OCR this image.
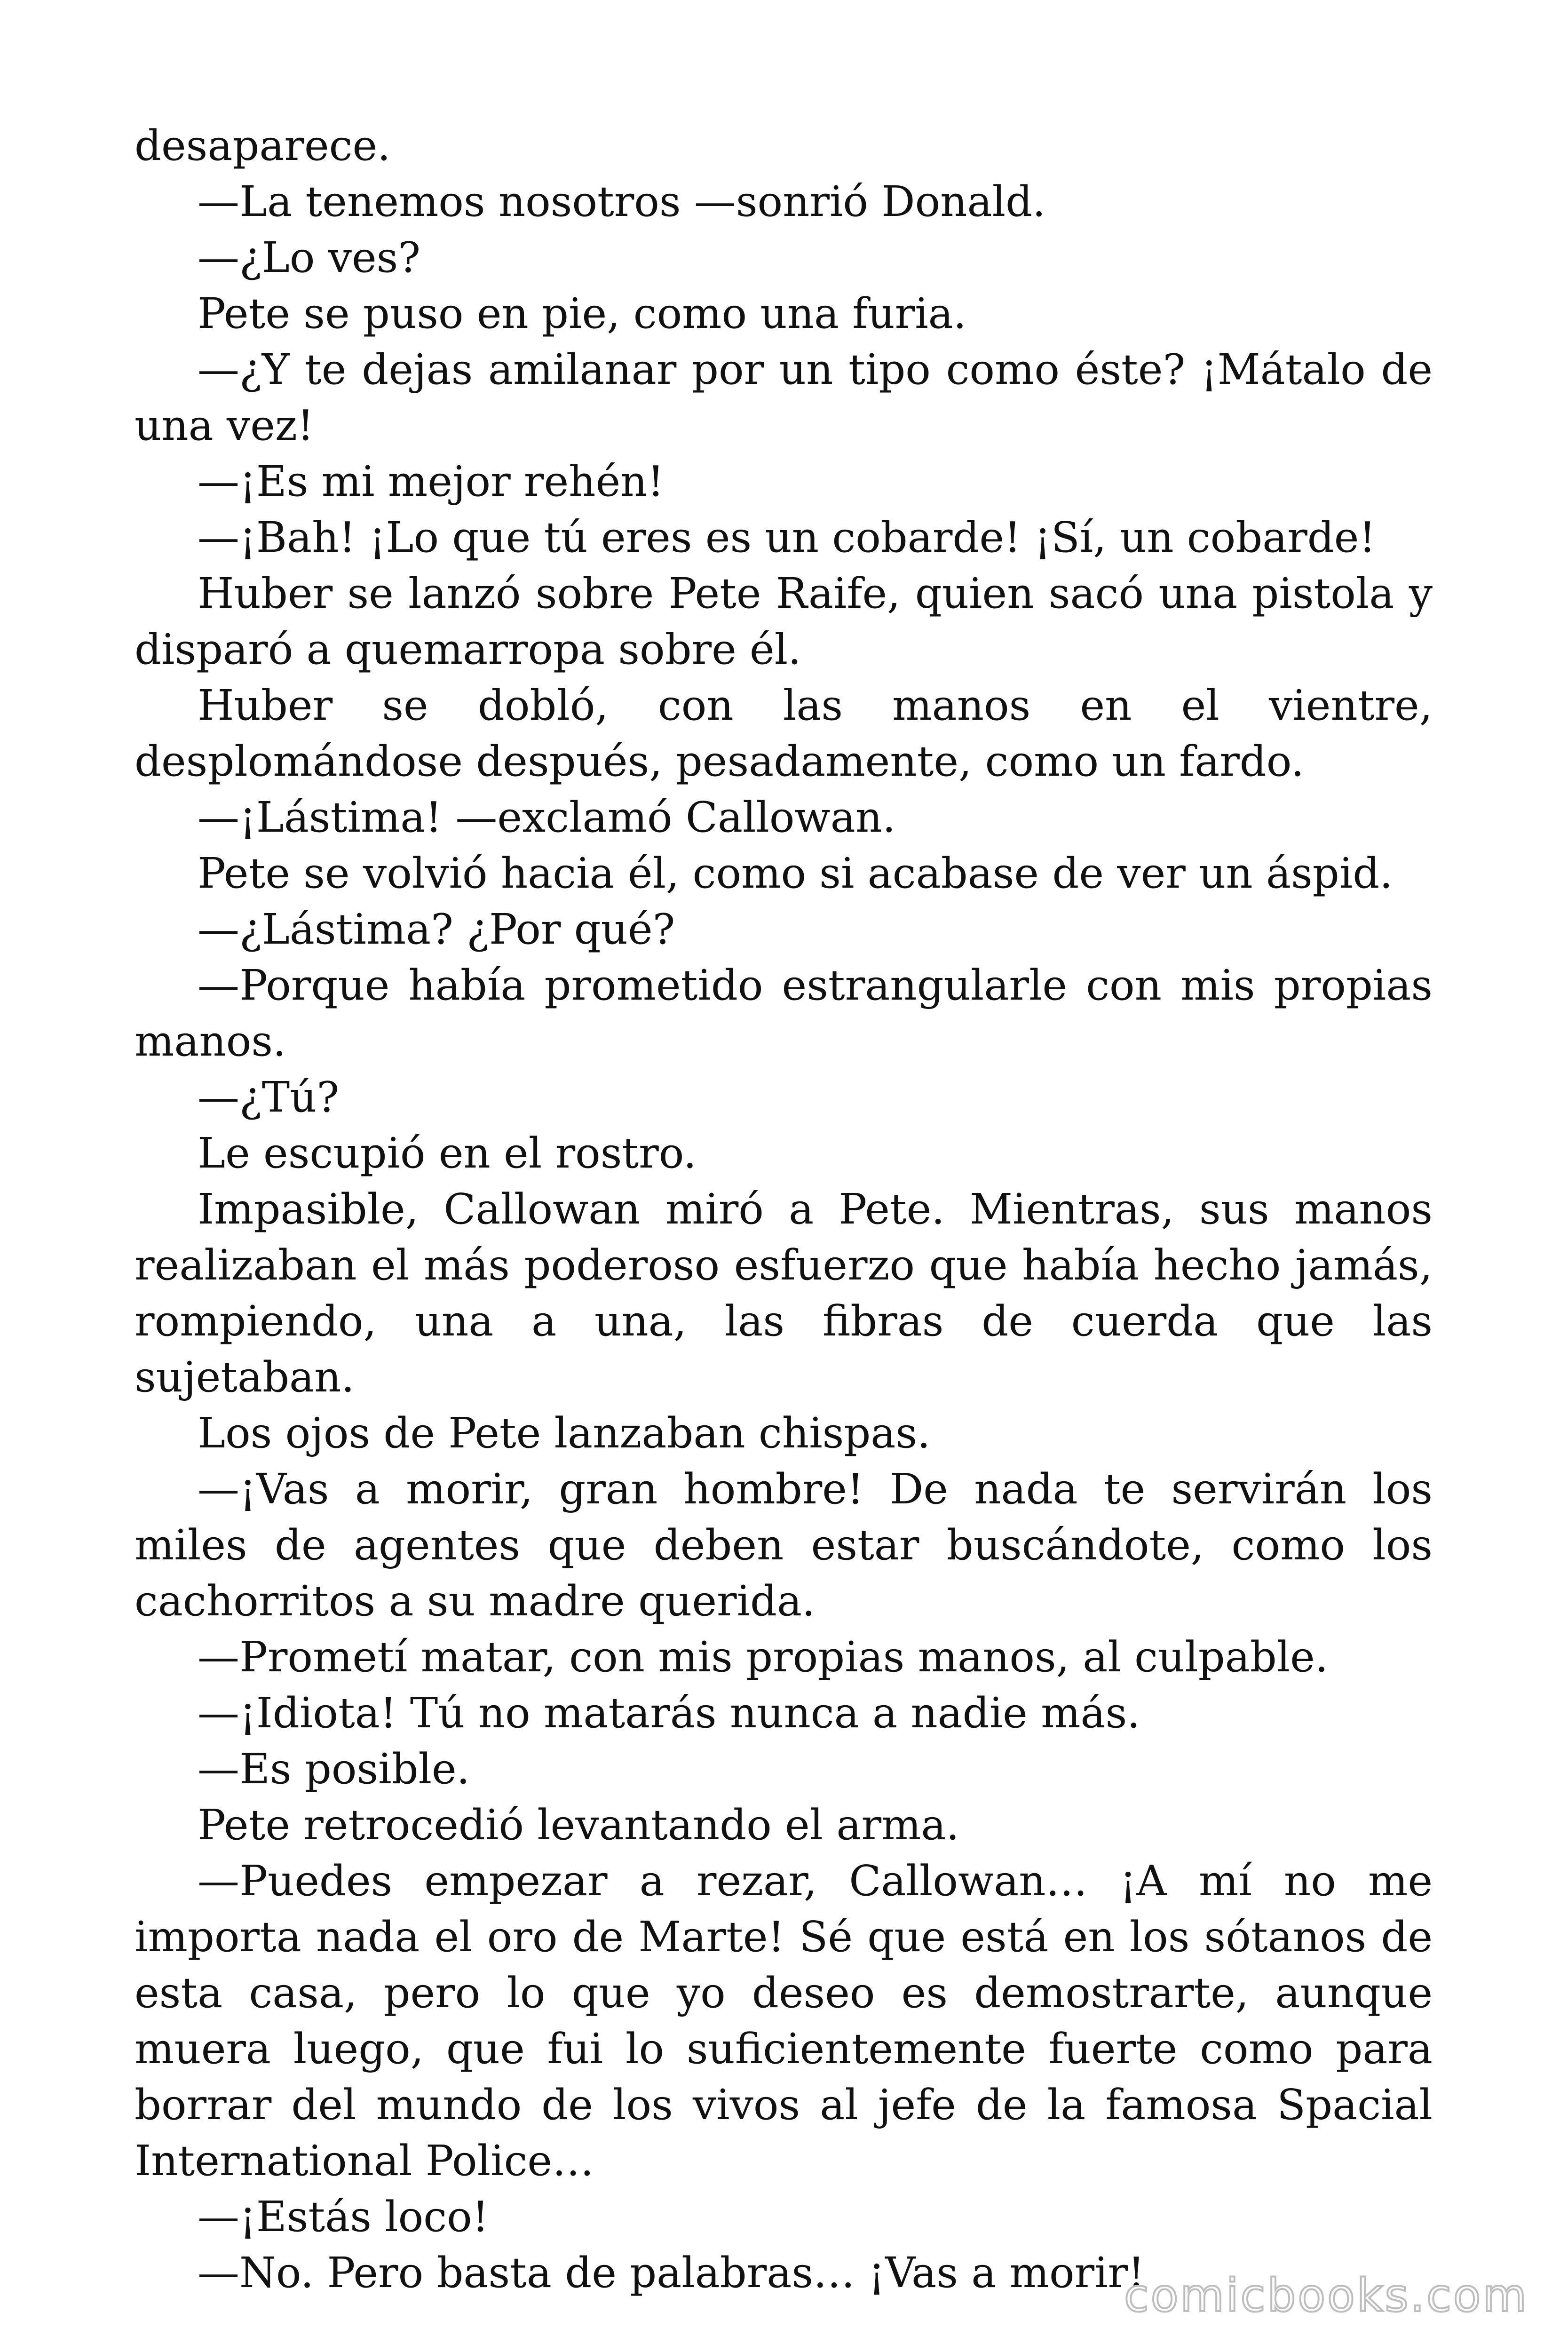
desaparece.

—La tenemos nosotros —sonrió Donald.

—¿Lo ves?

Pete se puso en pie, como una furia.

—¿Y te dejas amilanar por un tipo como éste? ¡Mátalo de una vez!

—¡Es mi mejor rehén!

—¡Bah! ¡Lo que tú eres es un cobarde! ¡Sí, un cobarde!

Huber se lanzó sobre Pete Raife, quien sacó una pistola y disparó a quemarropa sobre él.

Huber se dobló, con las manos en el vientre, desplomándose después, pesadamente, como un fardo.

—¡Lástima! —exclamó Callowan.

Pete se volvió hacia él, como si acabase de ver un áspid.

—¿Lástima? ¿Por qué?

—Porque había prometido estrangularle con mis propias manos.

—¿Tú?

Le escupió en el rostro.

Impasible, Callowan miró a Pete. Mientras, sus manos realizaban el más poderoso esfuerzo que había hecho jamás, rompiendo, una a una, las fibras de cuerda que las sujetaban.

Los ojos de Pete lanzaban chispas.

—¡Vas a morir, gran hombre! De nada te servirán los miles de agentes que deben estar buscándote, como los cachorritos a su madre querida.

—Prometí matar, con mis propias manos, al culpable.

—¡Idiota! Tú no matarás nunca a nadie más.

—Es posible.

Pete retrocedió levantando el arma.

—Puedes empezar a rezar, Callowan… ¡A mí no me importa nada el oro de Marte! Sé que está en los sótanos de esta casa, pero lo que yo deseo es demostrarte, aunque muera luego, que fui lo suficientemente fuerte como para borrar del mundo de los vivos al jefe de la famosa Spacial International Police…

—¡Estás loco!

—No. Pero basta de palabras… ¡Vas a morir!

comicbooks.com
